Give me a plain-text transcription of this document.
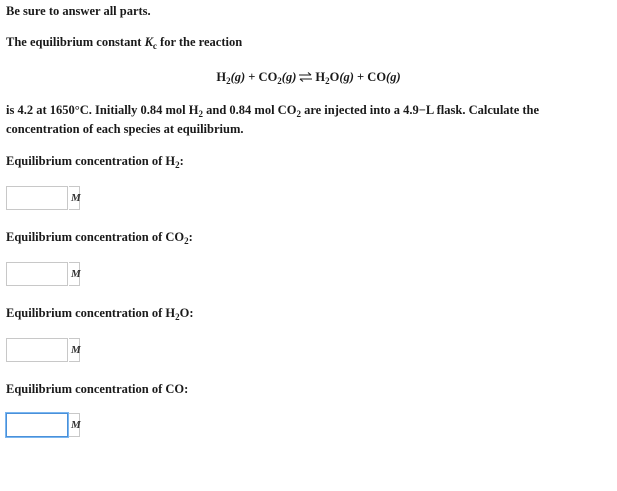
Be sure to answer all parts.
The equilibrium constant $K_c$ for the reaction
$H_2(g) + CO_2(g)$ ⇌ $H_2O(g) + CO(g)$
is 4.2 at 1650°C. Initially 0.84 mol $H_2$ and 0.84 mol $CO_2$ are injected into a 4.9−L flask. Calculate the
concentration of each species at equilibrium.
Equilibrium concentration of $H_2$:
M
Equilibrium concentration of $CO_2$:
M
Equilibrium concentration of $H_2O$:
M
Equilibrium concentration of CO:
M
